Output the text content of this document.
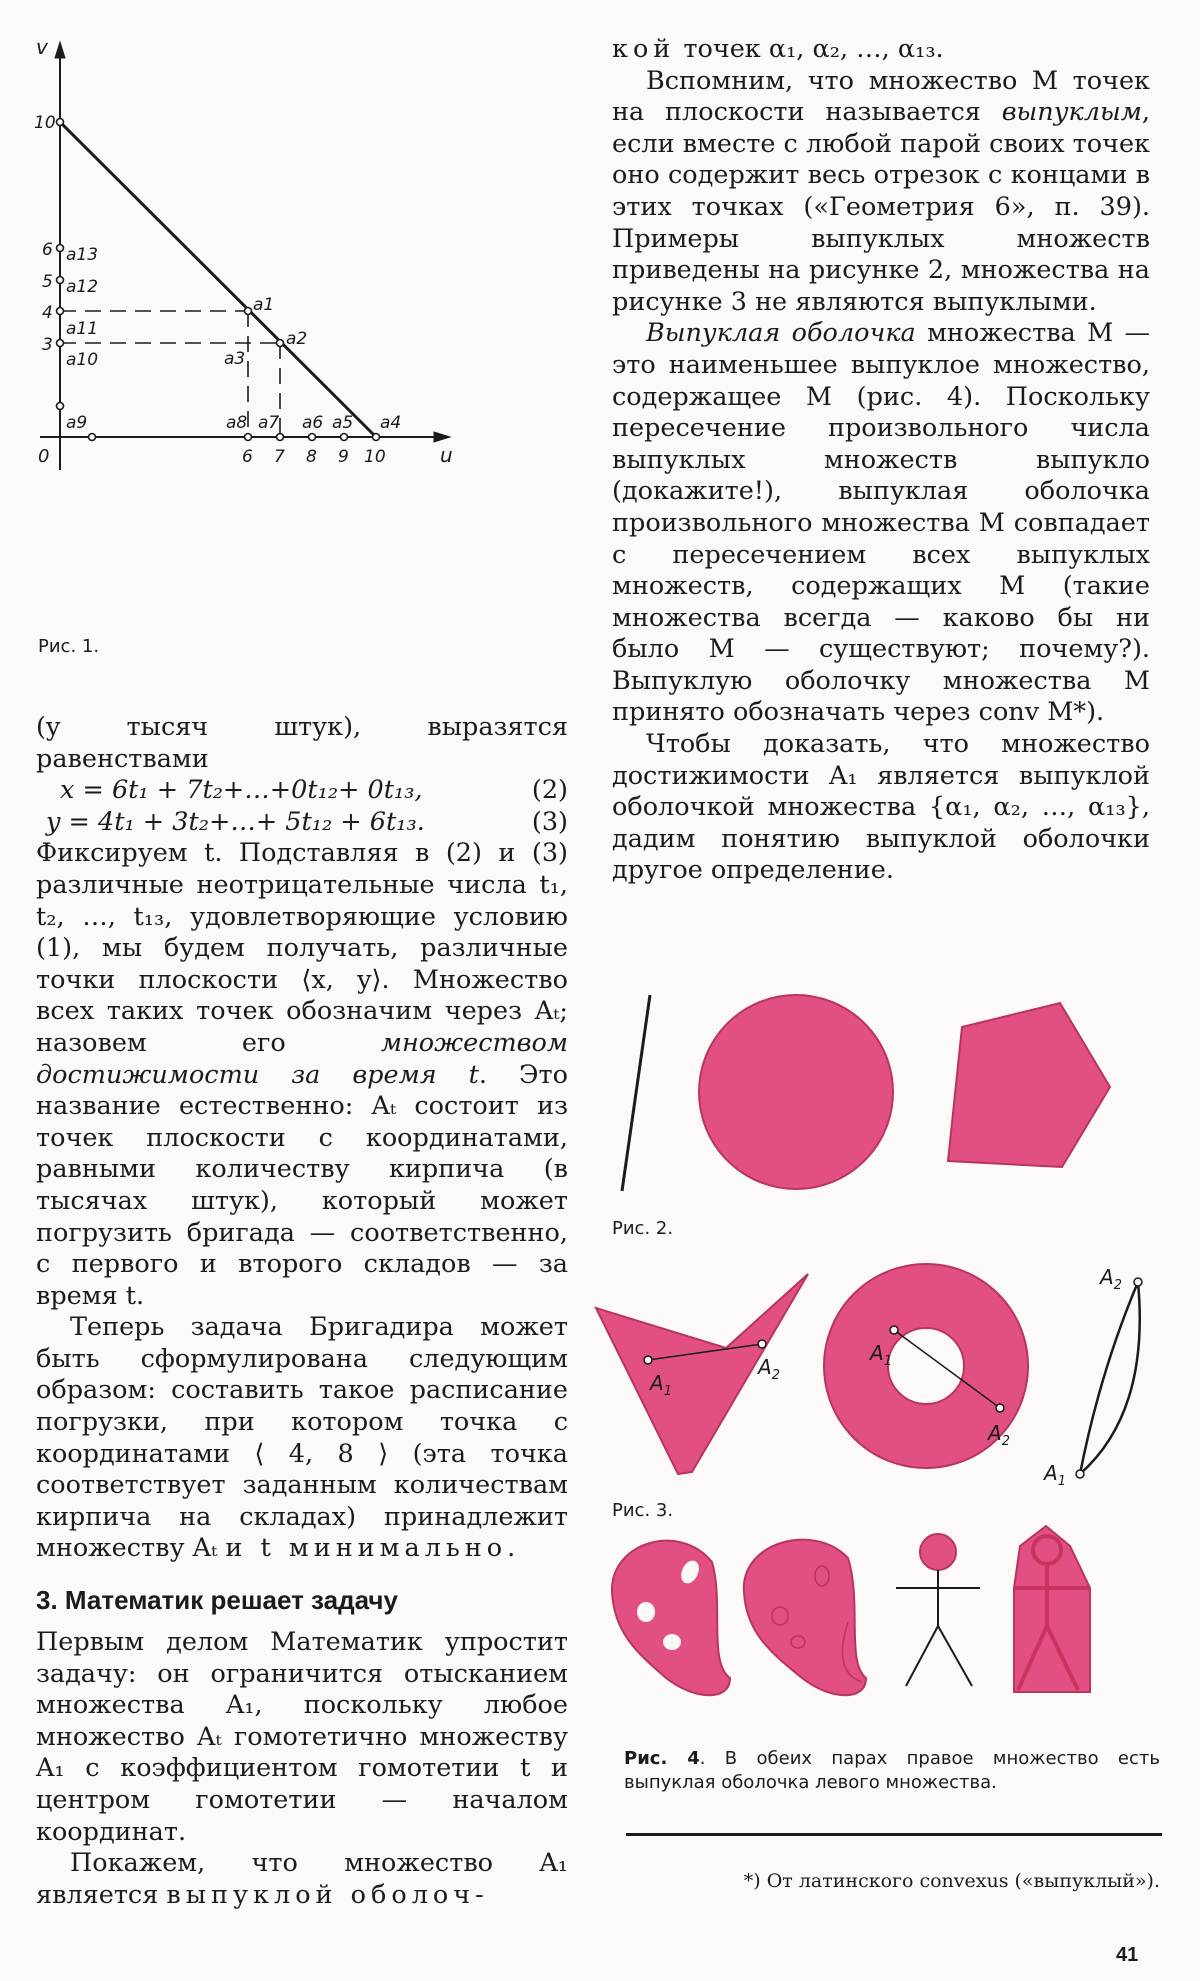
v
u
0
10
6
5
4
3
6 7 8 9 10
a13
a12
a11
a10
a9
a1
a2
a3
a8 a7 a6 a5 a4
Рис. 1.

(y тысяч штук), выразятся равенствами

x = 6t₁ + 7t₂+…+0t₁₂+ 0t₁₃,	(2)
y = 4t₁ + 3t₂+…+ 5t₁₂ + 6t₁₃.	(3)

Фиксируем t. Подставляя в (2) и (3) различные неотрицательные числа t₁, t₂, …, t₁₃, удовлетворяющие условию (1), мы будем получать, различные точки плоскости ⟨x, y⟩. Множество всех таких точек обозначим через Aₜ; назовем его множеством достижимости за время t. Это название естественно: Aₜ состоит из точек плоскости с координатами, равными количеству кирпича (в тысячах штук), который может погрузить бригада — соответственно, с первого и второго складов — за время t.

Теперь задача Бригадира может быть сформулирована следующим образом: составить такое расписание погрузки, при котором точка с координатами ⟨ 4, 8 ⟩ (эта точка соответствует заданным количествам кирпича на складах) принадлежит множеству Aₜ и t минимально.

3. Математик решает задачу

Первым делом Математик упростит задачу: он ограничится отысканием множества A₁, поскольку любое множество Aₜ гомотетично множеству A₁ с коэффициентом гомотетии t и центром гомотетии — началом координат.

Покажем, что множество A₁ является выпуклой оболоч-

кой точек α₁, α₂, …, α₁₃.

Вспомним, что множество M точек на плоскости называется выпуклым, если вместе с любой парой своих точек оно содержит весь отрезок с концами в этих точках («Геометрия 6», п. 39). Примеры выпуклых множеств приведены на рисунке 2, множества на рисунке 3 не являются выпуклыми.

Выпуклая оболочка множества M — это наименьшее выпуклое множество, содержащее M (рис. 4). Поскольку пересечение произвольного числа выпуклых множеств выпукло (докажите!), выпуклая оболочка произвольного множества M совпадает с пересечением всех выпуклых множеств, содержащих M (такие множества всегда — каково бы ни было M — существуют; почему?). Выпуклую оболочку множества M принято обозначать через conv M*).

Чтобы доказать, что множество достижимости A₁ является выпуклой оболочкой множества {α₁, α₂, …, α₁₃}, дадим понятию выпуклой оболочки другое определение.

Рис. 2.
$A_1$
$A_2$
$A_1$
$A_2$
$A_2$
$A_1$
Рис. 3.
Рис. 4. В обеих парах правое множество есть выпуклая оболочка левого множества.
*) От латинского convexus («выпуклый»).
41
